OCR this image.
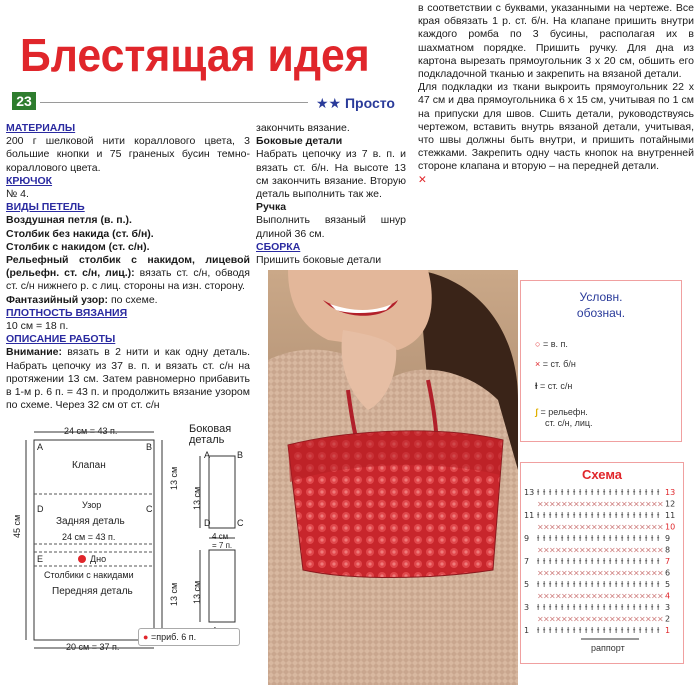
Блестящая идея
23	★★ Просто
МАТЕРИАЛЫ
200 г шелковой нити кораллового цвета, 3 большие кнопки и 75 граненых бусин темно-кораллового цвета.
КРЮЧОК
№ 4.
ВИДЫ ПЕТЕЛЬ
Воздушная петля (в. п.).
Столбик без накида (ст. б/н).
Столбик с накидом (ст. с/н).
Рельефный столбик с накидом, лицевой (рельефн. ст. с/н, лиц.): вязать ст. с/н, обводя ст. с/н нижнего р. с лиц. стороны на изн. сторону.
Фантазийный узор: по схеме.
ПЛОТНОСТЬ ВЯЗАНИЯ
10 см = 18 п.
ОПИСАНИЕ РАБОТЫ
Внимание: вязать в 2 нити и как одну деталь. Набрать цепочку из 37 в. п. и вязать ст. с/н на протяжении 13 см. Затем равномерно прибавить в 1-м р. 6 п. = 43 п. и продолжить вязание узором по схеме. Через 32 см от ст. с/н
закончить вязание.
Боковые детали
Набрать цепочку из 7 в. п. и вязать ст. б/н. На высоте 13 см закончить вязание. Вторую деталь выполнить так же.
Ручка
Выполнить вязаный шнур длиной 36 см.
СБОРКА
Пришить боковые детали
в соответствии с буквами, указанными на чертеже. Все края обвязать 1 р. ст. б/н. На клапане пришить внутри каждого ромба по 3 бусины, располагая их в шахматном порядке. Пришить ручку. Для дна из картона вырезать прямоугольник 3 х 20 см, обшить его подкладочной тканью и закрепить на вязаной детали.
Для подкладки из ткани выкроить прямоугольник 22 х 47 см и два прямоугольника 6 х 15 см, учитывая по 1 см на припуски для швов. Сшить детали, руководствуясь чертежом, вставить внутрь вязаной детали, учитывая, что швы должны быть внутри, и пришить потайными стежками. Закрепить одну часть кнопок на внутренней стороне клапана и вторую – на передней детали.
✕
Условн.
обознач.
○ = в. п.
× = ст. б/н
ƚ = ст. с/н
ʃ = рельефн.
ст. с/н, лиц.
Схема
ƚ ƚ ƚ ƚ ƚ ƚ ƚ ƚ ƚ ƚ ƚ ƚ ƚ ƚ ƚ ƚ ƚ ƚ ƚ ƚ ƚ 13
× × × × × × × × × × × × × × × × × × × × × 12
ƚ ƚ ƚ ƚ ƚ ƚ ƚ ƚ ƚ ƚ ƚ ƚ ƚ ƚ ƚ ƚ ƚ ƚ ƚ ƚ ƚ 11
× × × × × × × × × × × × × × × × × × × × × 10
ƚ ƚ ƚ ƚ ƚ ƚ ƚ ƚ ƚ ƚ ƚ ƚ ƚ ƚ ƚ ƚ ƚ ƚ ƚ ƚ ƚ 9
× × × × × × × × × × × × × × × × × × × × × 8
ƚ ƚ ƚ ƚ ƚ ƚ ƚ ƚ ƚ ƚ ƚ ƚ ƚ ƚ ƚ ƚ ƚ ƚ ƚ ƚ ƚ 7
× × × × × × × × × × × × × × × × × × × × × 6
ƚ ƚ ƚ ƚ ƚ ƚ ƚ ƚ ƚ ƚ ƚ ƚ ƚ ƚ ƚ ƚ ƚ ƚ ƚ ƚ ƚ 5
× × × × × × × × × × × × × × × × × × × × × 4
ƚ ƚ ƚ ƚ ƚ ƚ ƚ ƚ ƚ ƚ ƚ ƚ ƚ ƚ ƚ ƚ ƚ ƚ ƚ ƚ ƚ 3
× × × × × × × × × × × × × × × × × × × × × 2
ƚ ƚ ƚ ƚ ƚ ƚ ƚ ƚ ƚ ƚ ƚ ƚ ƚ ƚ ƚ ƚ ƚ ƚ ƚ ƚ ƚ 1
13
11
9
7
5
3
1
раппорт
24 см = 43 п.
Клапан
Узор
Задняя деталь
24 см = 43 п.
Дно
Столбики с накидами
Передняя деталь
20 см = 37 п.
45 см
13 см
13 см
13 см
13 см
Боковая
деталь
4 см
= 7 п.

A	B
D	C
E
A
D
B
C
● =приб. 6 п.
